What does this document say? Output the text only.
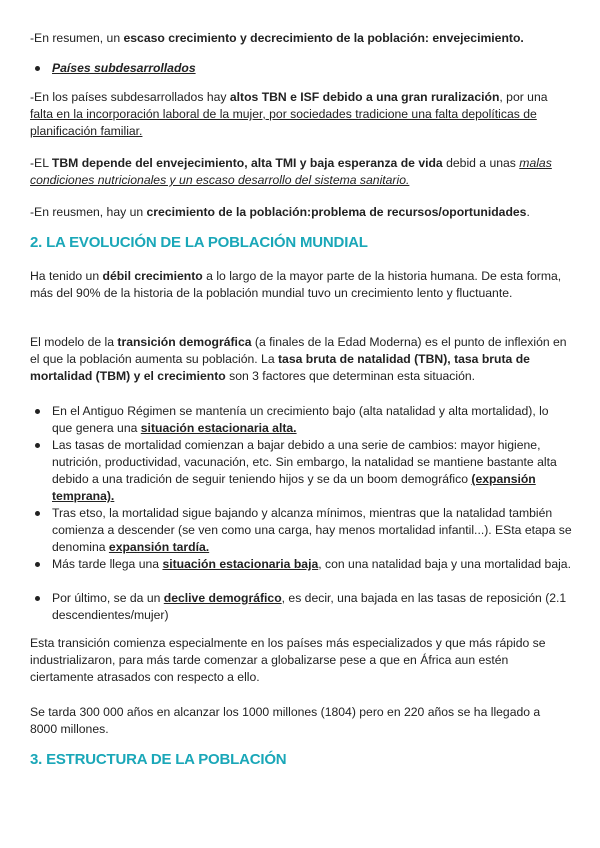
-En resumen, un escaso crecimiento y decrecimiento de la población: envejecimiento.

Países subdesarrollados

-En los países subdesarrollados hay altos TBN e ISF debido a una gran ruralización, por una falta en la incorporación laboral de la mujer, por sociedades tradicione una falta depolíticas de planificación familiar.

-EL TBM depende del envejecimiento, alta TMI y baja esperanza de vida debid a unas malas condiciones nutricionales y un escaso desarrollo del sistema sanitario.

-En reusmen, hay un crecimiento de la población:problema de recursos/oportunidades.

2. LA EVOLUCIÓN DE LA POBLACIÓN MUNDIAL

Ha tenido un débil crecimiento a lo largo de la mayor parte de la historia humana. De esta forma, más del 90% de la historia de la población mundial tuvo un crecimiento lento y fluctuante.

El modelo de la transición demográfica (a finales de la Edad Moderna) es el punto de inflexión en el que la población aumenta su población. La tasa bruta de natalidad (TBN), tasa bruta de mortalidad (TBM) y el crecimiento son 3 factores que determinan esta situación.

En el Antiguo Régimen se mantenía un crecimiento bajo (alta natalidad y alta mortalidad), lo que genera una situación estacionaria alta.
Las tasas de mortalidad comienzan a bajar debido a una serie de cambios: mayor higiene, nutrición, productividad, vacunación, etc. Sin embargo, la natalidad se mantiene bastante alta debido a una tradición de seguir teniendo hijos y se da un boom demográfico (expansión temprana).
Tras etso, la mortalidad sigue bajando y alcanza mínimos, mientras que la natalidad también comienza a descender (se ven como una carga, hay menos mortalidad infantil...). ESta etapa se denomina expansión tardía.
Más tarde llega una situación estacionaria baja, con una natalidad baja y una mortalidad baja.
Por último, se da un declive demográfico, es decir, una bajada en las tasas de reposición (2.1 descendientes/mujer)

Esta transición comienza especialmente en los países más especializados y que más rápido se industrializaron, para más tarde comenzar a globalizarse pese a que en África aun estén ciertamente atrasados con respecto a ello.

Se tarda 300 000 años en alcanzar los 1000 millones (1804) pero en 220 años se ha llegado a 8000 millones.

3. ESTRUCTURA DE LA POBLACIÓN
